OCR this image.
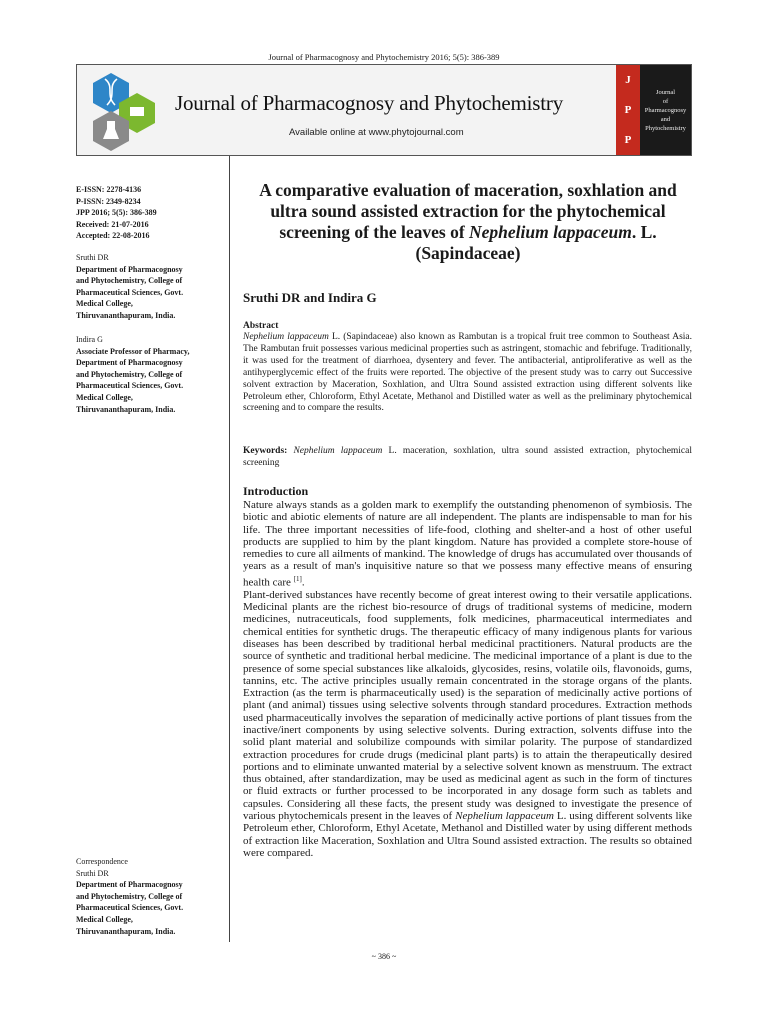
Journal of Pharmacognosy and Phytochemistry 2016; 5(5): 386-389
Journal of Pharmacognosy and Phytochemistry
Available online at www.phytojournal.com
J
P
P
Journal
of
Pharmacognosy
and
Phytochemistry
E-ISSN: 2278-4136
P-ISSN: 2349-8234
JPP 2016; 5(5): 386-389
Received: 21-07-2016
Accepted: 22-08-2016
Sruthi DR
Department of Pharmacognosy
and Phytochemistry, College of
Pharmaceutical Sciences, Govt.
Medical College,
Thiruvananthapuram, India.
Indira G
Associate Professor of Pharmacy,
Department of Pharmacognosy
and Phytochemistry, College of
Pharmaceutical Sciences, Govt.
Medical College,
Thiruvananthapuram, India.
Correspondence
Sruthi DR
Department of Pharmacognosy
and Phytochemistry, College of
Pharmaceutical Sciences, Govt.
Medical College,
Thiruvananthapuram, India.
A comparative evaluation of maceration, soxhlation and ultra sound assisted extraction for the phytochemical screening of the leaves of Nephelium lappaceum. L. (Sapindaceae)
Sruthi DR and Indira G
Abstract
Nephelium lappaceum L. (Sapindaceae) also known as Rambutan is a tropical fruit tree common to Southeast Asia. The Rambutan fruit possesses various medicinal properties such as astringent, stomachic and febrifuge. Traditionally, it was used for the treatment of diarrhoea, dysentery and fever. The antibacterial, antiproliferative as well as the antihyperglycemic effect of the fruits were reported. The objective of the present study was to carry out Successive solvent extraction by Maceration, Soxhlation, and Ultra Sound assisted extraction using different solvents like Petroleum ether, Chloroform, Ethyl Acetate, Methanol and Distilled water as well as the preliminary phytochemical screening and to compare the results.
Keywords: Nephelium lappaceum L. maceration, soxhlation, ultra sound assisted extraction, phytochemical screening
Introduction

Nature always stands as a golden mark to exemplify the outstanding phenomenon of symbiosis. The biotic and abiotic elements of nature are all independent. The plants are indispensable to man for his life. The three important necessities of life-food, clothing and shelter-and a host of other useful products are supplied to him by the plant kingdom. Nature has provided a complete store-house of remedies to cure all ailments of mankind. The knowledge of drugs has accumulated over thousands of years as a result of man's inquisitive nature so that we possess many effective means of ensuring health care [1].

Plant-derived substances have recently become of great interest owing to their versatile applications. Medicinal plants are the richest bio-resource of drugs of traditional systems of medicine, modern medicines, nutraceuticals, food supplements, folk medicines, pharmaceutical intermediates and chemical entities for synthetic drugs. The therapeutic efficacy of many indigenous plants for various diseases has been described by traditional herbal medicinal practitioners. Natural products are the source of synthetic and traditional herbal medicine. The medicinal importance of a plant is due to the presence of some special substances like alkaloids, glycosides, resins, volatile oils, flavonoids, gums, tannins, etc. The active principles usually remain concentrated in the storage organs of the plants. Extraction (as the term is pharmaceutically used) is the separation of medicinally active portions of plant (and animal) tissues using selective solvents through standard procedures. Extraction methods used pharmaceutically involves the separation of medicinally active portions of plant tissues from the inactive/inert components by using selective solvents. During extraction, solvents diffuse into the solid plant material and solubilize compounds with similar polarity. The purpose of standardized extraction procedures for crude drugs (medicinal plant parts) is to attain the therapeutically desired portions and to eliminate unwanted material by a selective solvent known as menstruum. The extract thus obtained, after standardization, may be used as medicinal agent as such in the form of tinctures or fluid extracts or further processed to be incorporated in any dosage form such as tablets and capsules. Considering all these facts, the present study was designed to investigate the presence of various phytochemicals present in the leaves of Nephelium lappaceum L. using different solvents like Petroleum ether, Chloroform, Ethyl Acetate, Methanol and Distilled water by using different methods of extraction like Maceration, Soxhlation and Ultra Sound assisted extraction. The results so obtained were compared.

~ 386 ~
